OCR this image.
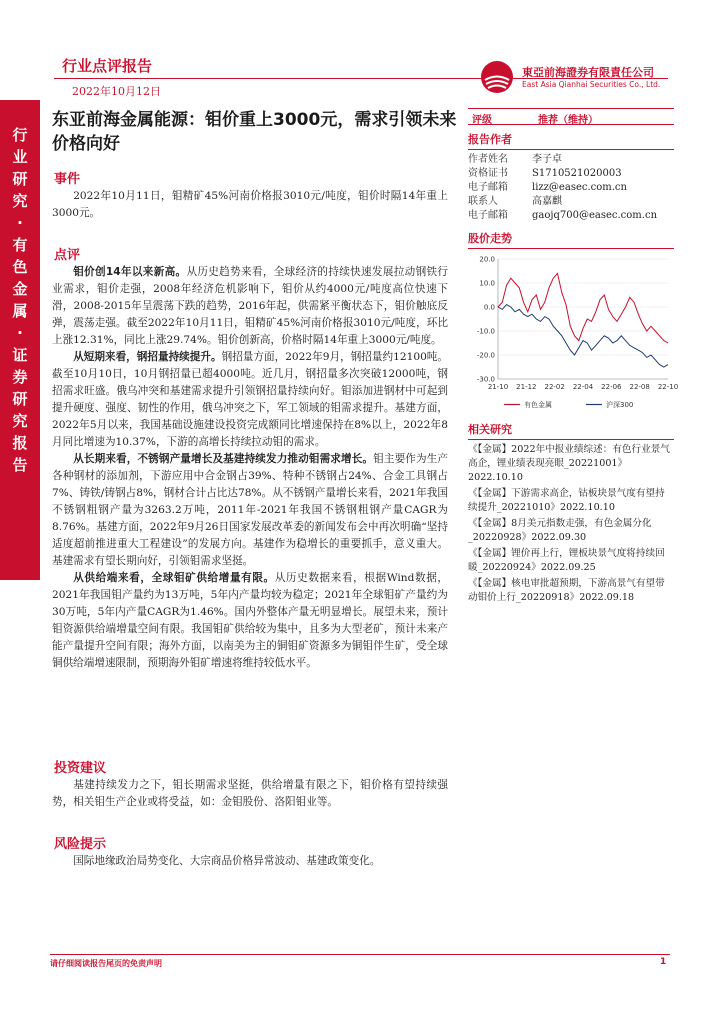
行
业
研
究
·
有
色
金
属
·
证
券
研
究
报
告
行业点评报告
2022年10月12日
東亞前海證券有限責任公司
East Asia Qianhai Securities Co., Ltd.
东亚前海金属能源：钼价重上3000元，需求引领未来价格向好
事件

2022年10月11日，钼精矿45%河南价格报3010元/吨度，钼价时隔14年重上3000元。

点评

钼价创14年以来新高。从历史趋势来看，全球经济的持续快速发展拉动钢铁行业需求，钼价走强，2008年经济危机影响下，钼价从约4000元/吨度高位快速下滑，2008-2015年呈震荡下跌的趋势，2016年起，供需紧平衡状态下，钼价触底反弹，震荡走强。截至2022年10月11日，钼精矿45%河南价格报3010元/吨度，环比上涨12.31%，同比上涨29.74%。钼价创新高，价格时隔14年重上3000元/吨度。

从短期来看，钢招量持续提升。钢招量方面，2022年9月，钢招量约12100吨。截至10月10日，10月钢招量已超4000吨。近几月，钢招量多次突破12000吨，钢招需求旺盛。俄乌冲突和基建需求提升引领钢招量持续向好。钼添加进钢材中可起到提升硬度、强度、韧性的作用，俄乌冲突之下，军工领域的钼需求提升。基建方面，2022年5月以来，我国基础设施建设投资完成额同比增速保持在8%以上，2022年8月同比增速为10.37%，下游的高增长持续拉动钼的需求。

从长期来看，不锈钢产量增长及基建持续发力推动钼需求增长。钼主要作为生产各种钢材的添加剂，下游应用中合金钢占39%、特种不锈钢占24%、合金工具钢占7%、铸铁/铸钢占8%，钢材合计占比达78%。从不锈钢产量增长来看，2021年我国不锈钢粗钢产量为3263.2万吨，2011年-2021年我国不锈钢粗钢产量CAGR为8.76%。基建方面，2022年9月26日国家发展改革委的新闻发布会中再次明确“坚持适度超前推进重大工程建设”的发展方向。基建作为稳增长的重要抓手，意义重大。基建需求有望长期向好，引领钼需求坚挺。

从供给端来看，全球钼矿供给增量有限。从历史数据来看，根据Wind数据，2021年我国钼产量约为13万吨，5年内产量均较为稳定；2021年全球钼矿产量约为30万吨，5年内产量CAGR为1.46%。国内外整体产量无明显增长。展望未来，预计钼资源供给端增量空间有限。我国钼矿供给较为集中，且多为大型老矿，预计未来产能产量提升空间有限；海外方面，以南美为主的铜钼矿资源多为铜钼伴生矿，受全球铜供给端增速限制，预期海外钼矿增速将维持较低水平。

投资建议

基建持续发力之下，钼长期需求坚挺，供给增量有限之下，钼价格有望持续强势，相关钼生产企业或将受益，如：金钼股份、洛阳钼业等。

风险提示

国际地缘政治局势变化、大宗商品价格异常波动、基建政策变化。

评级	推荐（维持）
报告作者
作者姓名 李子卓
资格证书 S1710521020003
电子邮箱 lizz@easec.com.cn
联系人	高嘉麒
电子邮箱 gaojq700@easec.com.cn
股价走势
20.0
10.0
0.0
-10.0
-20.0
-30.0
21-10 21-12 22-02 22-04 22-06 22-08 22-10
有色金属	沪深300
相关研究
《【金属】2022年中报业绩综述：有色行业景气高企，锂业绩表现亮眼_20221001》2022.10.10
《【金属】下游需求高企，钴板块景气度有望持续提升_20221010》2022.10.10
《【金属】8月美元指数走强，有色金属分化_20220928》2022.09.30
《【金属】锂价再上行，锂板块景气度将持续回暖_20220924》2022.09.25
《【金属】核电审批超预期，下游高景气有望带动钼价上行_20220918》2022.09.18
请仔细阅读报告尾页的免责声明	1
